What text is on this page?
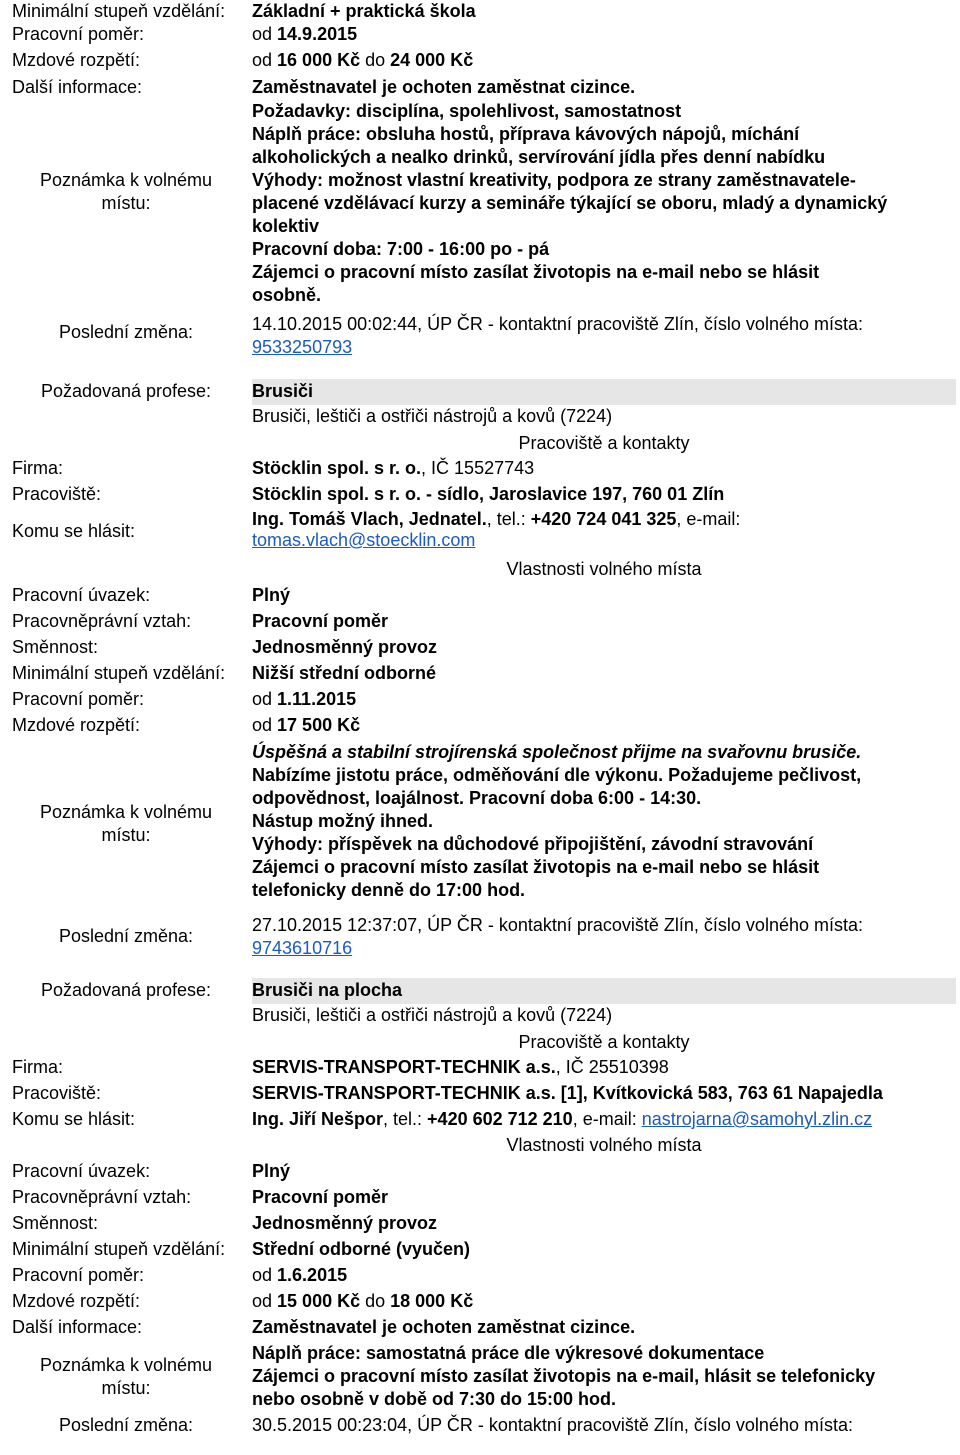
Minimální stupeň vzdělání: Základní + praktická škola
Pracovní poměr:	od 14.9.2015
Mzdové rozpětí:	od 16 000 Kč do 24 000 Kč
Další informace:	Zaměstnavatel je ochoten zaměstnat cizince.
Poznámka k volnému
místu:
Požadavky: disciplína, spolehlivost, samostatnost
Náplň práce: obsluha hostů, příprava kávových nápojů, míchání
alkoholických a nealko drinků, servírování jídla přes denní nabídku
Výhody: možnost vlastní kreativity, podpora ze strany zaměstnavatele-
placené vzdělávací kurzy a semináře týkající se oboru, mladý a dynamický
kolektiv
Pracovní doba: 7:00 - 16:00 po - pá
Zájemci o pracovní místo zasílat životopis na e-mail nebo se hlásit
osobně.
Poslední změna:	14.10.2015 00:02:44, ÚP ČR - kontaktní pracoviště Zlín, číslo volného místa:
9533250793
Požadovaná profese:	Brusiči
Brusiči, leštiči a ostřiči nástrojů a kovů (7224)
Pracoviště a kontakty
Firma:	Stöcklin spol. s r. o., IČ 15527743
Pracoviště:	Stöcklin spol. s r. o. - sídlo, Jaroslavice 197, 760 01 Zlín
Komu se hlásit:
Ing. Tomáš Vlach, Jednatel., tel.: +420 724 041 325, e-mail:
tomas.vlach@stoecklin.com
Vlastnosti volného místa
Pracovní úvazek:	Plný
Pracovněprávní vztah:	Pracovní poměr
Směnnost:	Jednosměnný provoz
Minimální stupeň vzdělání: Nižší střední odborné
Pracovní poměr:	od 1.11.2015
Mzdové rozpětí:	od 17 500 Kč
Poznámka k volnému
místu:
Úspěšná a stabilní strojírenská společnost přijme na svařovnu brusiče.
Nabízíme jistotu práce, odměňování dle výkonu. Požadujeme pečlivost,
odpovědnost, loajálnost. Pracovní doba 6:00 - 14:30.
Nástup možný ihned.
Výhody: příspěvek na důchodové připojištění, závodní stravování
Zájemci o pracovní místo zasílat životopis na e-mail nebo se hlásit
telefonicky denně do 17:00 hod.
Poslední změna:
27.10.2015 12:37:07, ÚP ČR - kontaktní pracoviště Zlín, číslo volného místa:
9743610716
Požadovaná profese:	Brusiči na plocha
Brusiči, leštiči a ostřiči nástrojů a kovů (7224)
Pracoviště a kontakty
Firma:	SERVIS-TRANSPORT-TECHNIK a.s., IČ 25510398
Pracoviště:	SERVIS-TRANSPORT-TECHNIK a.s. [1], Kvítkovická 583, 763 61 Napajedla
Komu se hlásit:	Ing. Jiří Nešpor, tel.: +420 602 712 210, e-mail: nastrojarna@samohyl.zlin.cz
Vlastnosti volného místa
Pracovní úvazek:	Plný
Pracovněprávní vztah:	Pracovní poměr
Směnnost:	Jednosměnný provoz
Minimální stupeň vzdělání: Střední odborné (vyučen)
Pracovní poměr:	od 1.6.2015
Mzdové rozpětí:	od 15 000 Kč do 18 000 Kč
Další informace:	Zaměstnavatel je ochoten zaměstnat cizince.
Poznámka k volnému
místu:
Náplň práce: samostatná práce dle výkresové dokumentace
Zájemci o pracovní místo zasílat životopis na e-mail, hlásit se telefonicky
nebo osobně v době od 7:30 do 15:00 hod.
Poslední změna:	30.5.2015 00:23:04, ÚP ČR - kontaktní pracoviště Zlín, číslo volného místa:
